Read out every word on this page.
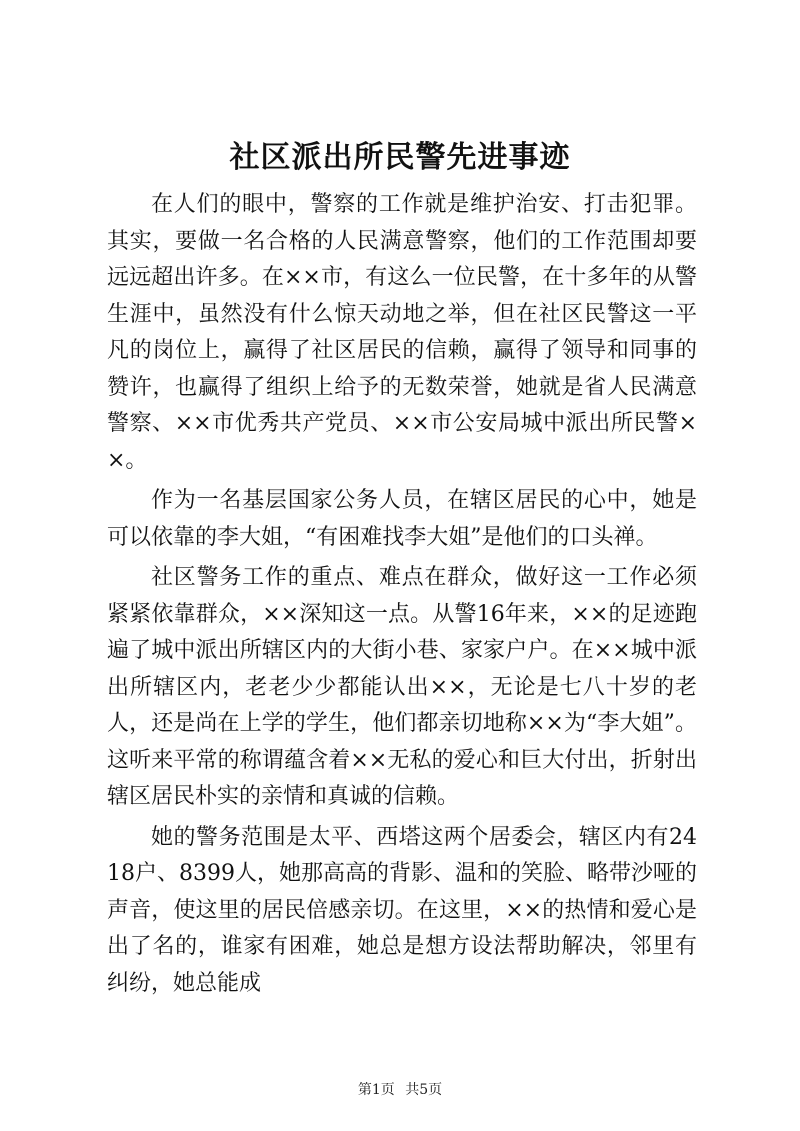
社区派出所民警先进事迹

在人们的眼中，警察的工作就是维护治安、打击犯罪。其实，要做一名合格的人民满意警察，他们的工作范围却要远远超出许多。在××市，有这么一位民警，在十多年的从警生涯中，虽然没有什么惊天动地之举，但在社区民警这一平凡的岗位上，赢得了社区居民的信赖，赢得了领导和同事的赞许，也赢得了组织上给予的无数荣誉，她就是省人民满意警察、××市优秀共产党员、××市公安局城中派出所民警××。

作为一名基层国家公务人员，在辖区居民的心中，她是可以依靠的李大姐，“有困难找李大姐”是他们的口头禅。

社区警务工作的重点、难点在群众，做好这一工作必须紧紧依靠群众，××深知这一点。从警16年来，××的足迹跑遍了城中派出所辖区内的大街小巷、家家户户。在××城中派出所辖区内，老老少少都能认出××，无论是七八十岁的老人，还是尚在上学的学生，他们都亲切地称××为“李大姐”。这听来平常的称谓蕴含着××无私的爱心和巨大付出，折射出辖区居民朴实的亲情和真诚的信赖。

她的警务范围是太平、西塔这两个居委会，辖区内有2418户、8399人，她那高高的背影、温和的笑脸、略带沙哑的声音，使这里的居民倍感亲切。在这里，××的热情和爱心是出了名的，谁家有困难，她总是想方设法帮助解决，邻里有纠纷，她总能成

第1页 共5页
